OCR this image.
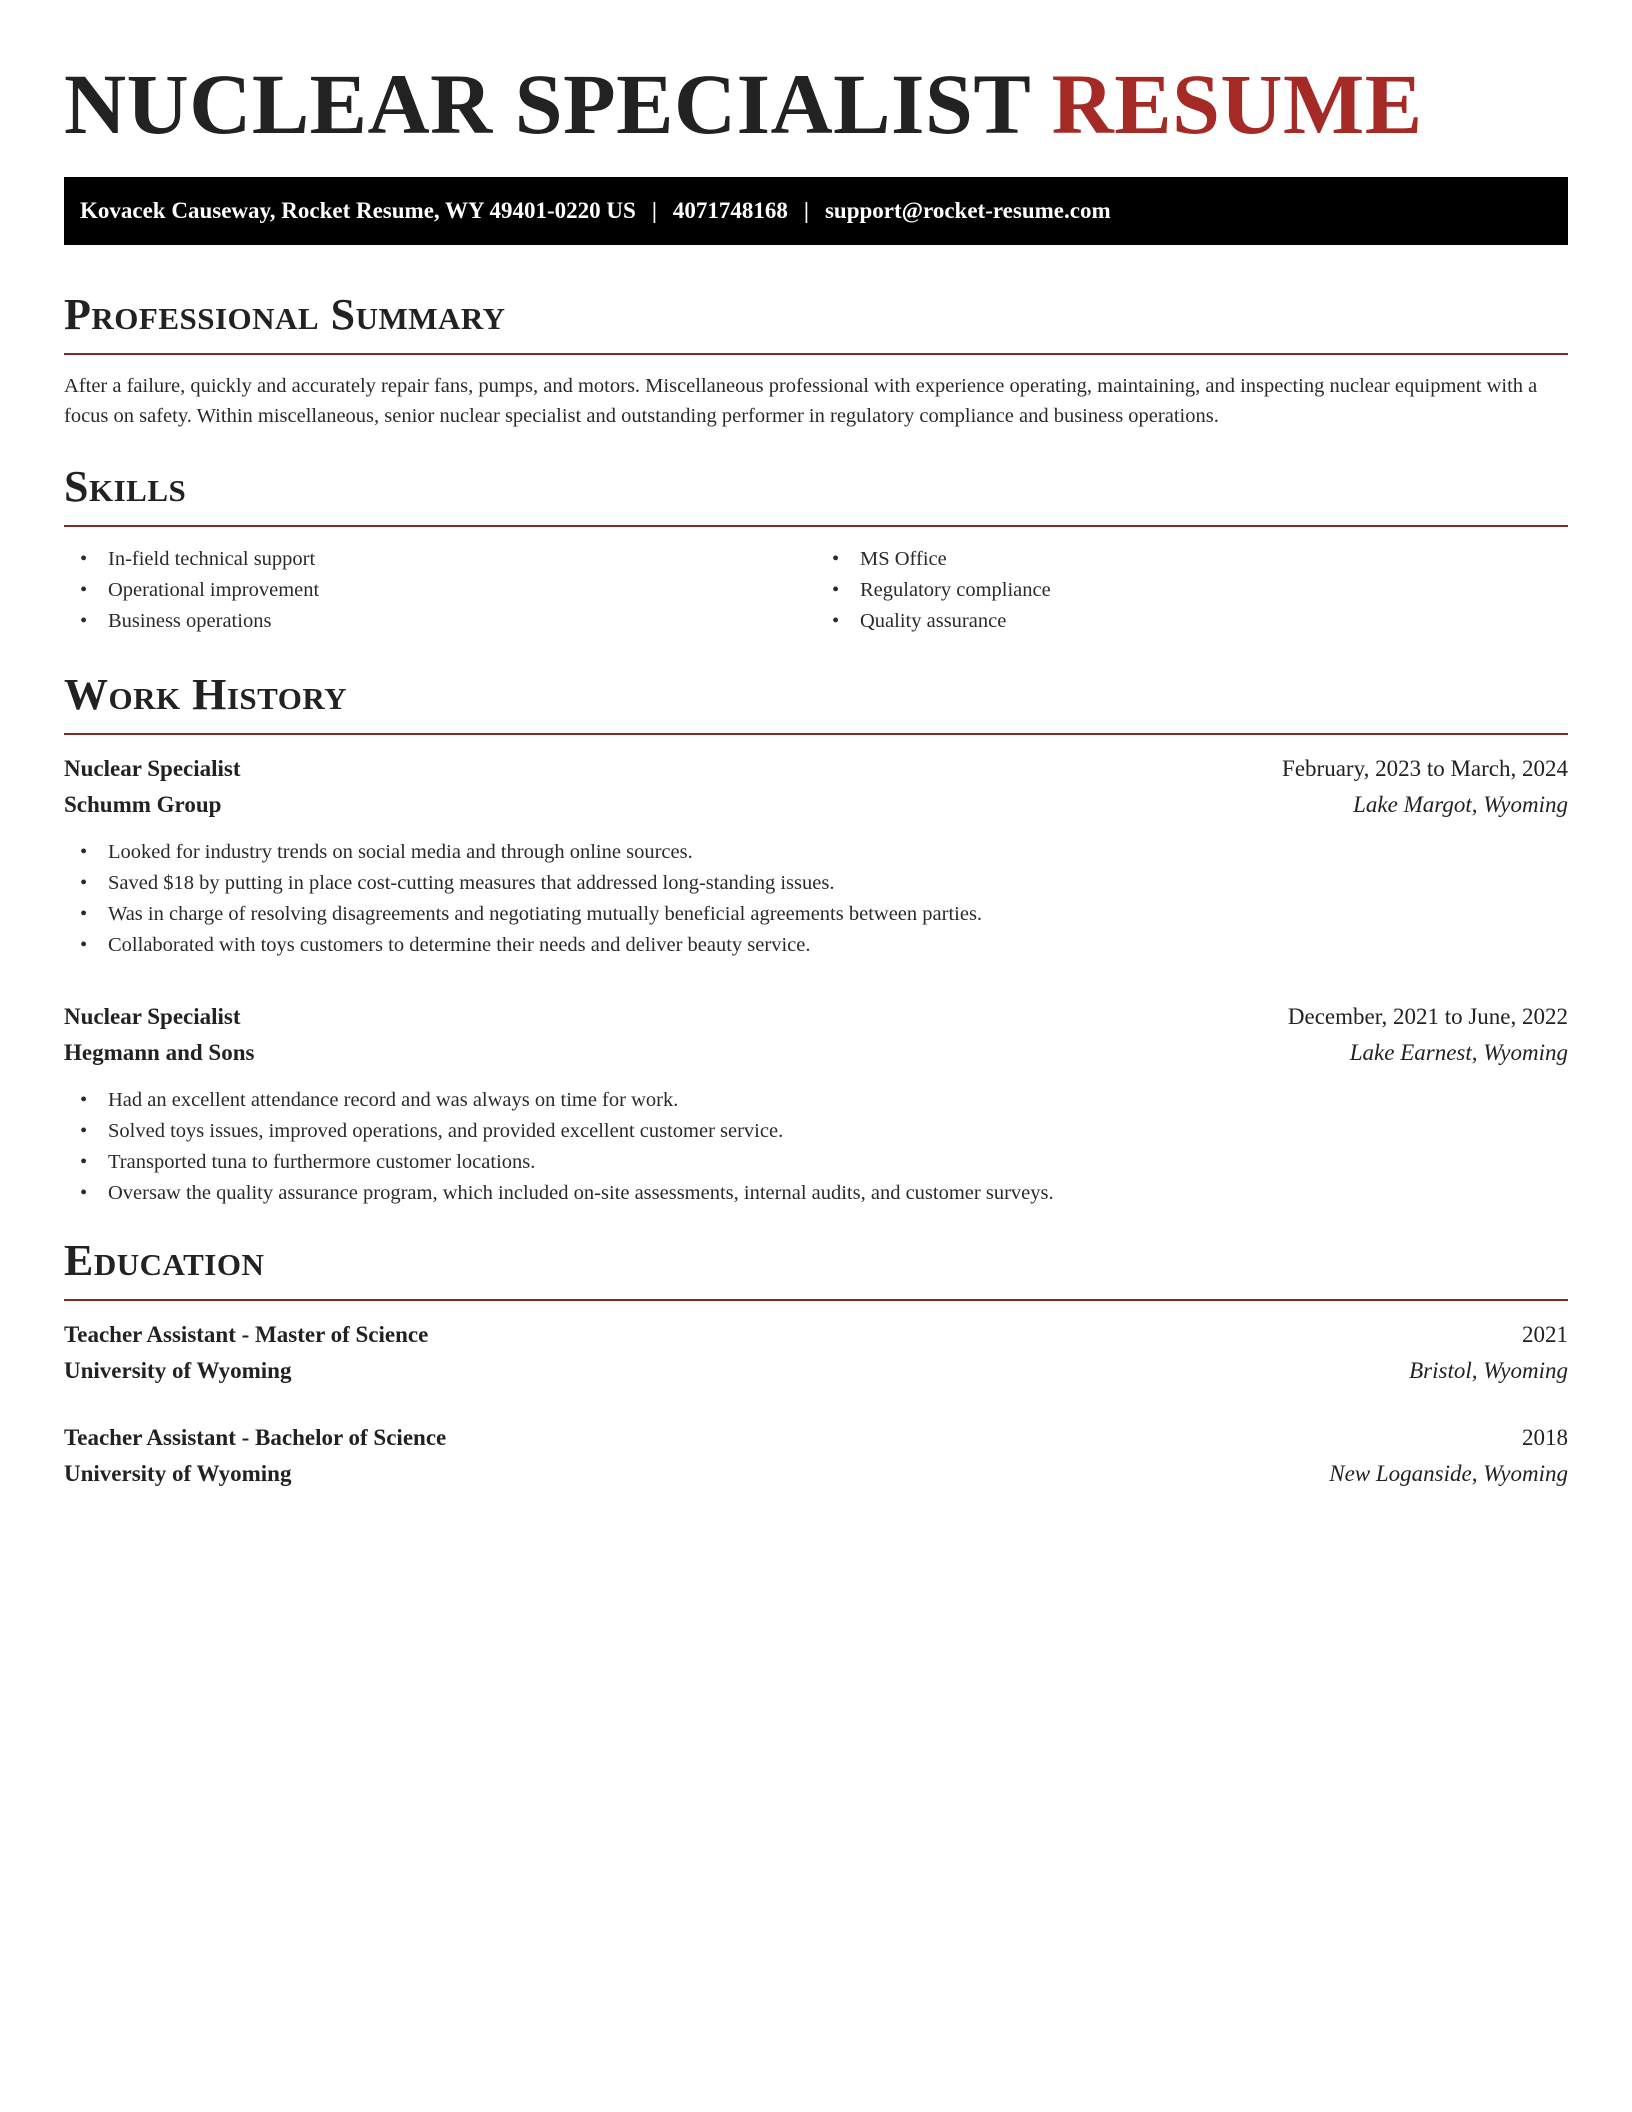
NUCLEAR SPECIALIST RESUME
Kovacek Causeway, Rocket Resume, WY 49401-0220 US | 4071748168 | support@rocket-resume.com
Professional Summary

After a failure, quickly and accurately repair fans, pumps, and motors. Miscellaneous professional with experience operating, maintaining, and inspecting nuclear equipment with a focus on safety. Within miscellaneous, senior nuclear specialist and outstanding performer in regulatory compliance and business operations.

Skills
• In-field technical support
• Operational improvement
• Business operations
• MS Office
• Regulatory compliance
• Quality assurance
Work History
Nuclear Specialist	February, 2023 to March, 2024
Schumm Group	Lake Margot, Wyoming
• Looked for industry trends on social media and through online sources.
• Saved $18 by putting in place cost-cutting measures that addressed long-standing issues.
• Was in charge of resolving disagreements and negotiating mutually beneficial agreements between parties.
• Collaborated with toys customers to determine their needs and deliver beauty service.
Nuclear Specialist	December, 2021 to June, 2022
Hegmann and Sons	Lake Earnest, Wyoming
• Had an excellent attendance record and was always on time for work.
• Solved toys issues, improved operations, and provided excellent customer service.
• Transported tuna to furthermore customer locations.
• Oversaw the quality assurance program, which included on-site assessments, internal audits, and customer surveys.
Education
Teacher Assistant - Master of Science	2021
University of Wyoming	Bristol, Wyoming
Teacher Assistant - Bachelor of Science	2018
University of Wyoming	New Loganside, Wyoming
